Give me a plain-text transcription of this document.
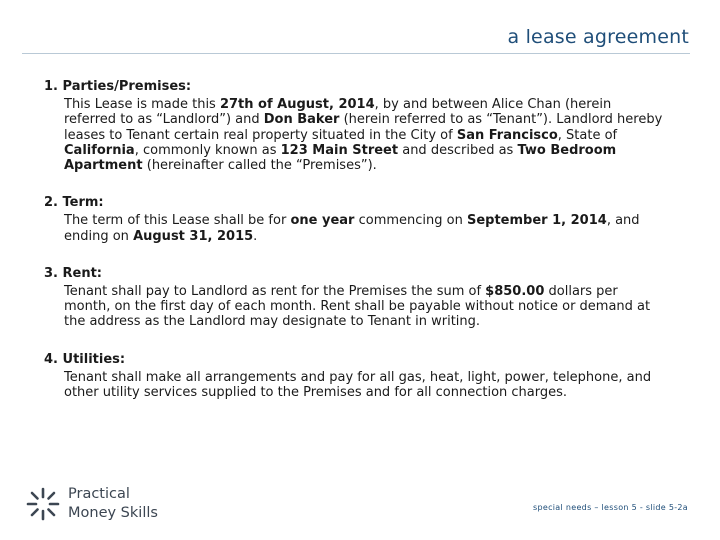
a lease agreement

1. Parties/Premises:

This Lease is made this 27th of August, 2014, by and between Alice Chan (herein referred to as “Landlord”) and Don Baker (herein referred to as “Tenant”). Landlord hereby leases to Tenant certain real property situated in the City of San Francisco, State of California, commonly known as 123 Main Street and described as Two Bedroom Apartment (hereinafter called the “Premises”).

2. Term:

The term of this Lease shall be for one year commencing on September 1, 2014, and ending on August 31, 2015.

3. Rent:

Tenant shall pay to Landlord as rent for the Premises the sum of $850.00 dollars per month, on the first day of each month. Rent shall be payable without notice or demand at the address as the Landlord may designate to Tenant in writing.

4. Utilities:

Tenant shall make all arrangements and pay for all gas, heat, light, power, telephone, and other utility services supplied to the Premises and for all connection charges.

Practical
Money Skills	special needs – lesson 5 - slide 5-2a
